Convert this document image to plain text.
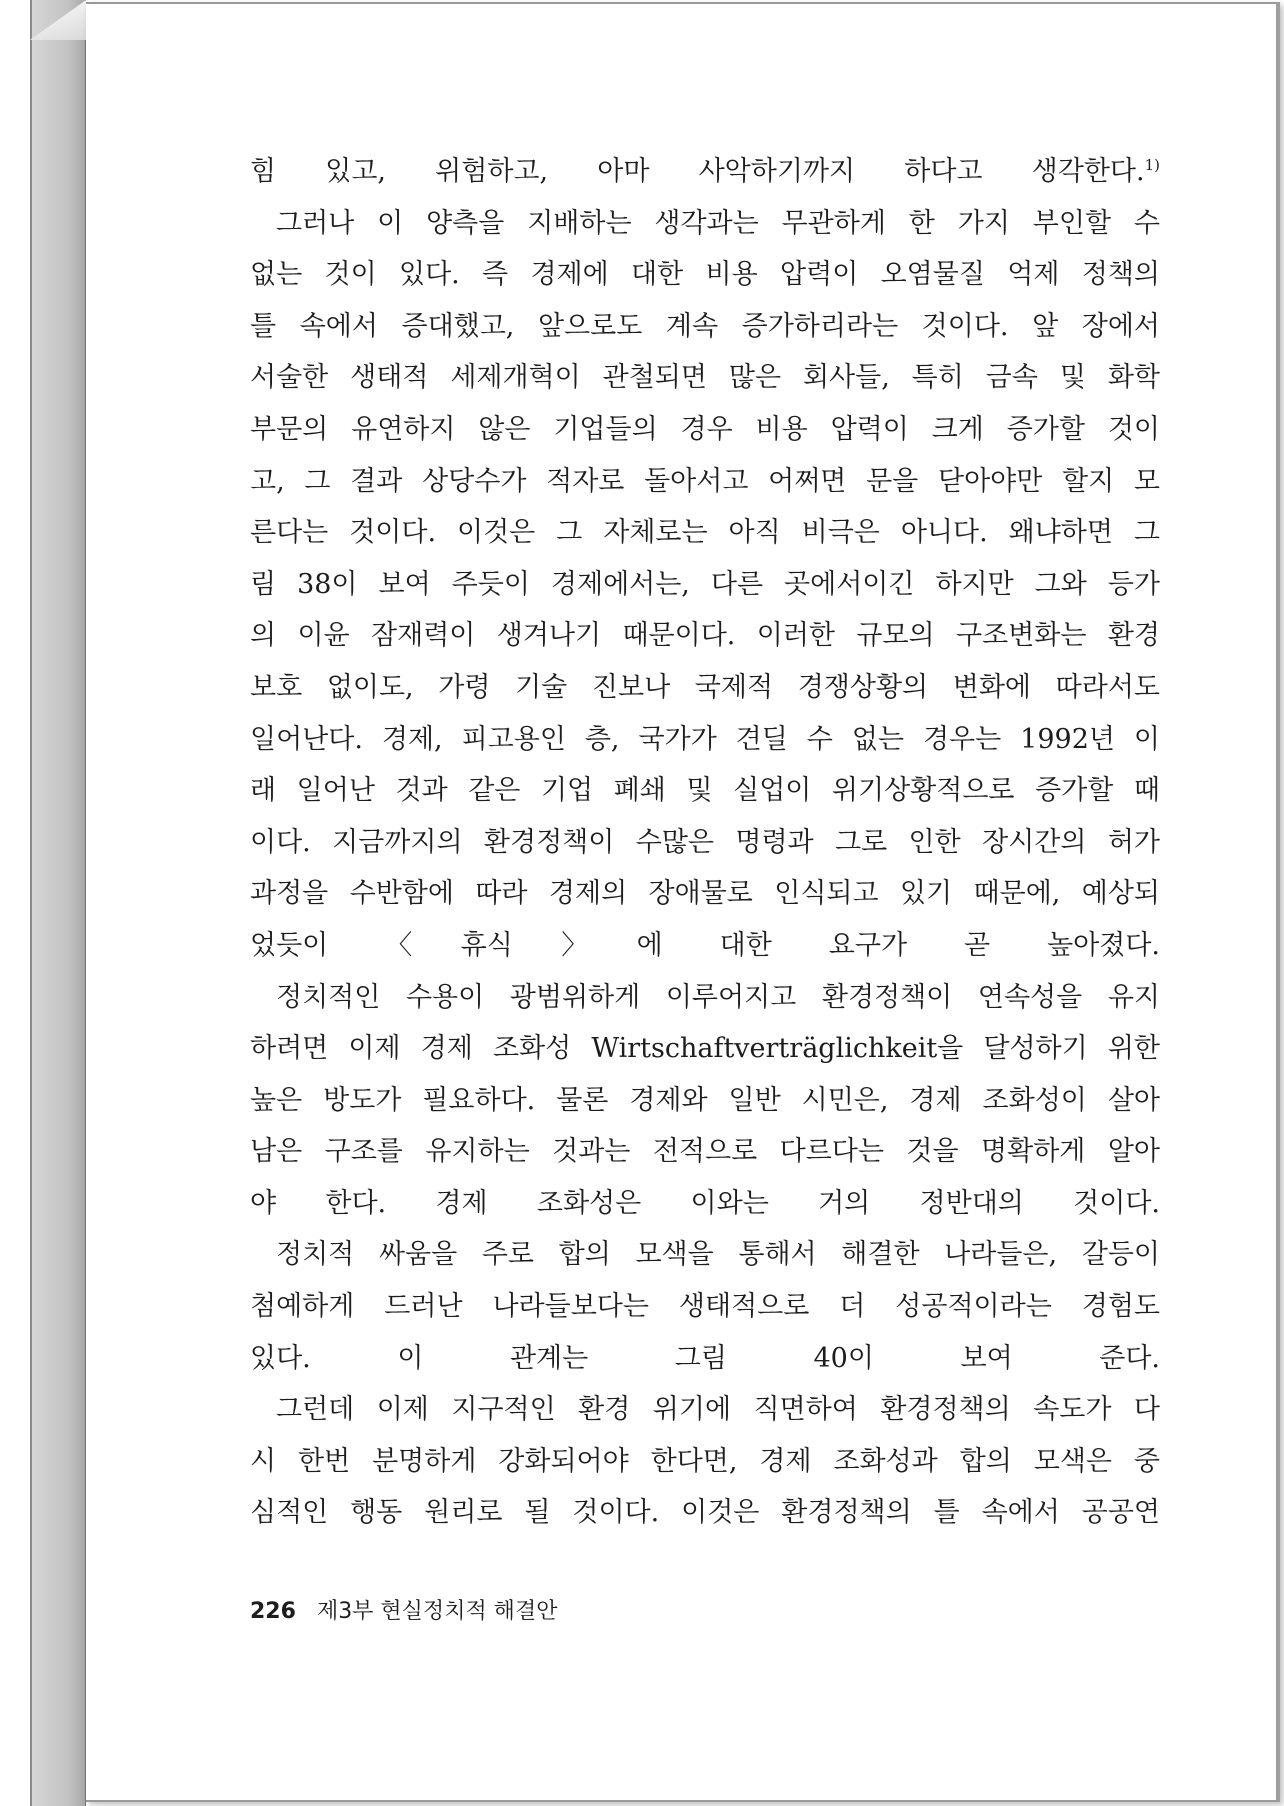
힘 있고, 위험하고, 아마 사악하기까지 하다고 생각한다.$^{1)}$
그러나 이 양측을 지배하는 생각과는 무관하게 한 가지 부인할 수
없는 것이 있다. 즉 경제에 대한 비용 압력이 오염물질 억제 정책의
틀 속에서 증대했고, 앞으로도 계속 증가하리라는 것이다. 앞 장에서
서술한 생태적 세제개혁이 관철되면 많은 회사들, 특히 금속 및 화학
부문의 유연하지 않은 기업들의 경우 비용 압력이 크게 증가할 것이
고, 그 결과 상당수가 적자로 돌아서고 어쩌면 문을 닫아야만 할지 모
른다는 것이다. 이것은 그 자체로는 아직 비극은 아니다. 왜냐하면 그
림 38이 보여 주듯이 경제에서는, 다른 곳에서이긴 하지만 그와 등가
의 이윤 잠재력이 생겨나기 때문이다. 이러한 규모의 구조변화는 환경
보호 없이도, 가령 기술 진보나 국제적 경쟁상황의 변화에 따라서도
일어난다. 경제, 피고용인 층, 국가가 견딜 수 없는 경우는 1992년 이
래 일어난 것과 같은 기업 폐쇄 및 실업이 위기상황적으로 증가할 때
이다. 지금까지의 환경정책이 수많은 명령과 그로 인한 장시간의 허가
과정을 수반함에 따라 경제의 장애물로 인식되고 있기 때문에, 예상되
었듯이 〈휴식〉에 대한 요구가 곧 높아졌다.
정치적인 수용이 광범위하게 이루어지고 환경정책이 연속성을 유지
하려면 이제 경제 조화성 Wirtschaftverträglichkeit을 달성하기 위한
높은 방도가 필요하다. 물론 경제와 일반 시민은, 경제 조화성이 살아
남은 구조를 유지하는 것과는 전적으로 다르다는 것을 명확하게 알아
야 한다. 경제 조화성은 이와는 거의 정반대의 것이다.
정치적 싸움을 주로 합의 모색을 통해서 해결한 나라들은, 갈등이
첨예하게 드러난 나라들보다는 생태적으로 더 성공적이라는 경험도
있다. 이 관계는 그림 40이 보여 준다.
그런데 이제 지구적인 환경 위기에 직면하여 환경정책의 속도가 다
시 한번 분명하게 강화되어야 한다면, 경제 조화성과 합의 모색은 중
심적인 행동 원리로 될 것이다. 이것은 환경정책의 틀 속에서 공공연
226 제3부 현실정치적 해결안
